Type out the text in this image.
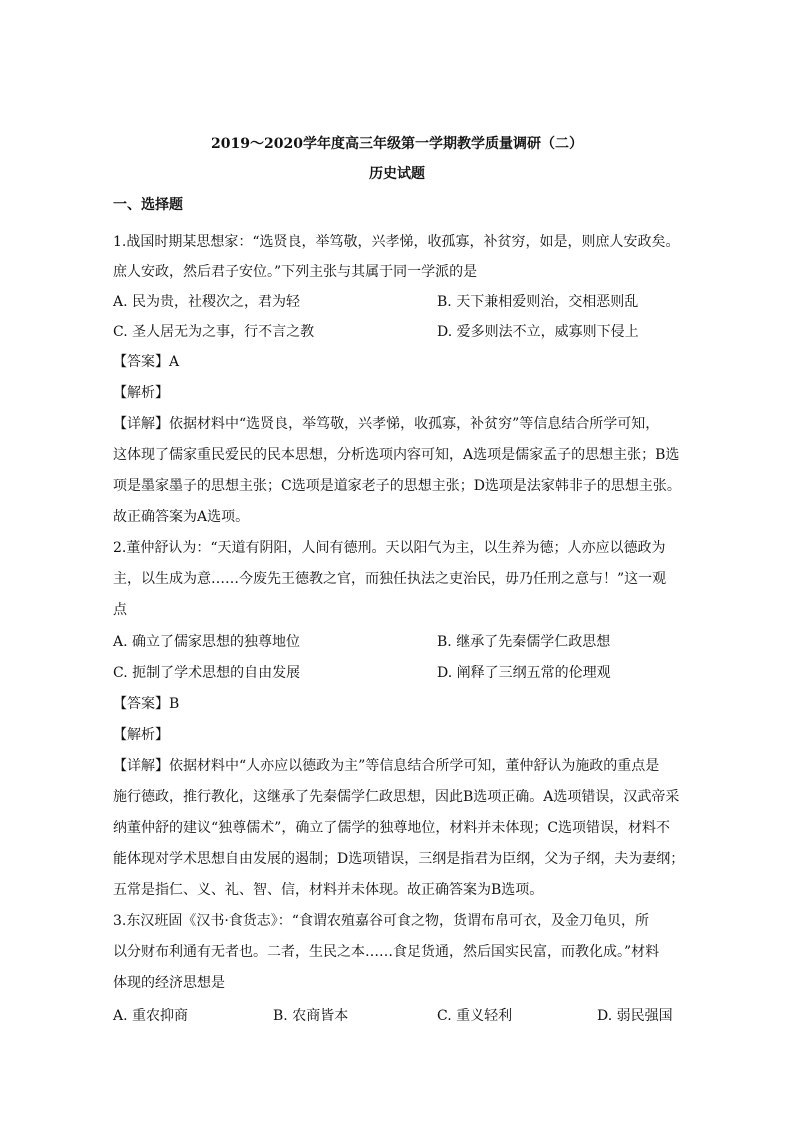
2019～2020学年度高三年级第一学期教学质量调研（二）
历史试题
一、选择题
1.战国时期某思想家：“选贤良，举笃敬，兴孝悌，收孤寡，补贫穷，如是，则庶人安政矣。
庶人安政，然后君子安位。”下列主张与其属于同一学派的是
A. 民为贵，社稷次之，君为轻	B. 天下兼相爱则治，交相恶则乱
C. 圣人居无为之事，行不言之教	D. 爱多则法不立，威寡则下侵上
【答案】A
【解析】
【详解】依据材料中“选贤良，举笃敬，兴孝悌，收孤寡，补贫穷”等信息结合所学可知，
这体现了儒家重民爱民的民本思想，分析选项内容可知，A选项是儒家孟子的思想主张；B选
项是墨家墨子的思想主张；C选项是道家老子的思想主张；D选项是法家韩非子的思想主张。
故正确答案为A选项。
2.董仲舒认为：“天道有阴阳，人间有德刑。天以阳气为主，以生养为德；人亦应以德政为
主，以生成为意……今废先王德教之官，而独任执法之吏治民，毋乃任刑之意与！”这一观
点
A. 确立了儒家思想的独尊地位	B. 继承了先秦儒学仁政思想
C. 扼制了学术思想的自由发展	D. 阐释了三纲五常的伦理观
【答案】B
【解析】
【详解】依据材料中“人亦应以德政为主”等信息结合所学可知，董仲舒认为施政的重点是
施行德政，推行教化，这继承了先秦儒学仁政思想，因此B选项正确。A选项错误，汉武帝采
纳董仲舒的建议“独尊儒术”，确立了儒学的独尊地位，材料并未体现；C选项错误，材料不
能体现对学术思想自由发展的遏制；D选项错误，三纲是指君为臣纲，父为子纲，夫为妻纲；
五常是指仁、义、礼、智、信，材料并未体现。故正确答案为B选项。
3.东汉班固《汉书·食货志》：“食谓农殖嘉谷可食之物，货谓布帛可衣，及金刀龟贝，所
以分财布利通有无者也。二者，生民之本……食足货通，然后国实民富，而教化成。”材料
体现的经济思想是
A. 重农抑商	B. 农商皆本	C. 重义轻利	D. 弱民强国
